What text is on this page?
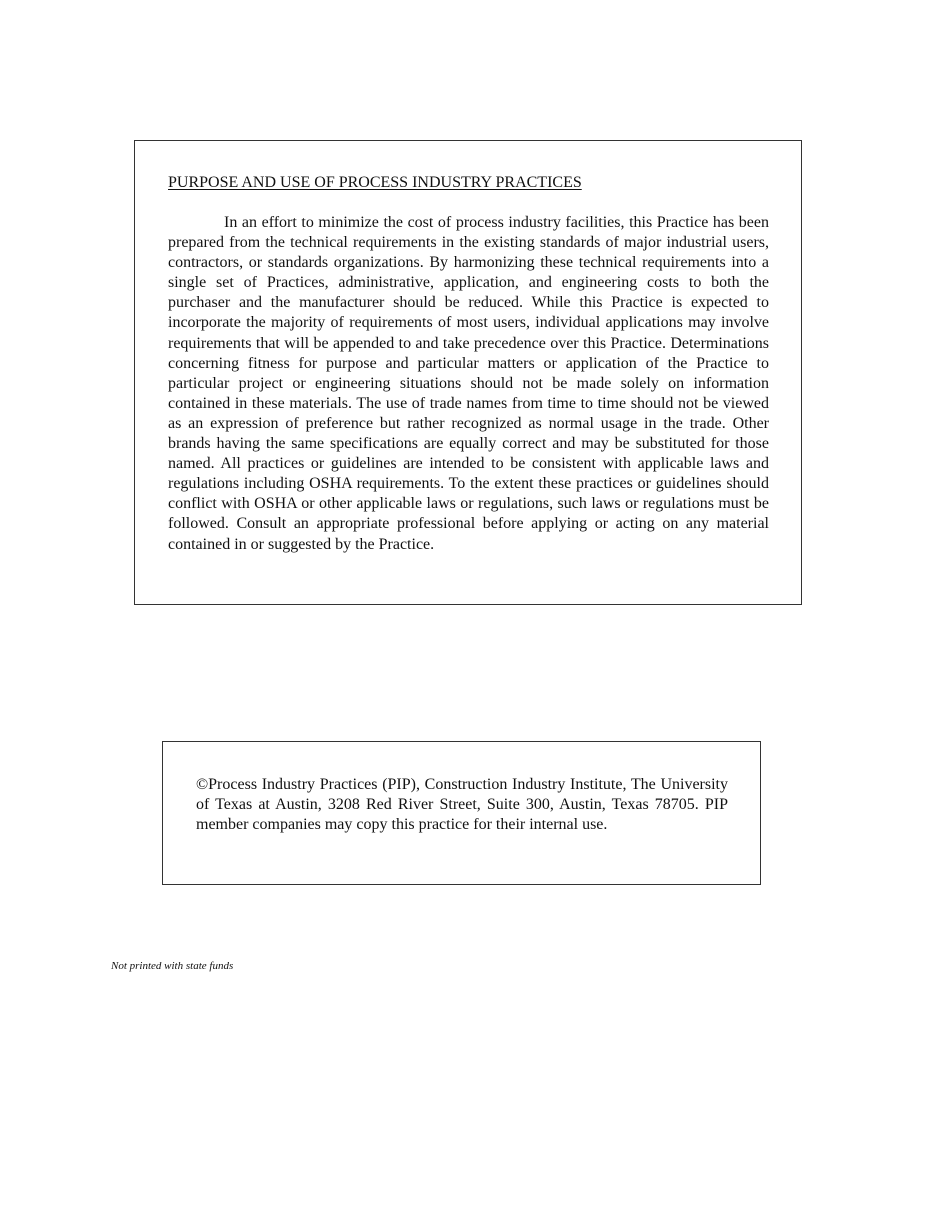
PURPOSE AND USE OF PROCESS INDUSTRY PRACTICES

In an effort to minimize the cost of process industry facilities, this Practice has been prepared from the technical requirements in the existing standards of major industrial users, contractors, or standards organizations. By harmonizing these technical requirements into a single set of Practices, administrative, application, and engineering costs to both the purchaser and the manufacturer should be reduced. While this Practice is expected to incorporate the majority of requirements of most users, individual applications may involve requirements that will be appended to and take precedence over this Practice. Determinations concerning fitness for purpose and particular matters or application of the Practice to particular project or engineering situations should not be made solely on information contained in these materials. The use of trade names from time to time should not be viewed as an expression of preference but rather recognized as normal usage in the trade. Other brands having the same specifications are equally correct and may be substituted for those named. All practices or guidelines are intended to be consistent with applicable laws and regulations including OSHA requirements. To the extent these practices or guidelines should conflict with OSHA or other applicable laws or regulations, such laws or regulations must be followed. Consult an appropriate professional before applying or acting on any material contained in or suggested by the Practice.

©Process Industry Practices (PIP), Construction Industry Institute, The University of Texas at Austin, 3208 Red River Street, Suite 300, Austin, Texas 78705. PIP member companies may copy this practice for their internal use.

Not printed with state funds
